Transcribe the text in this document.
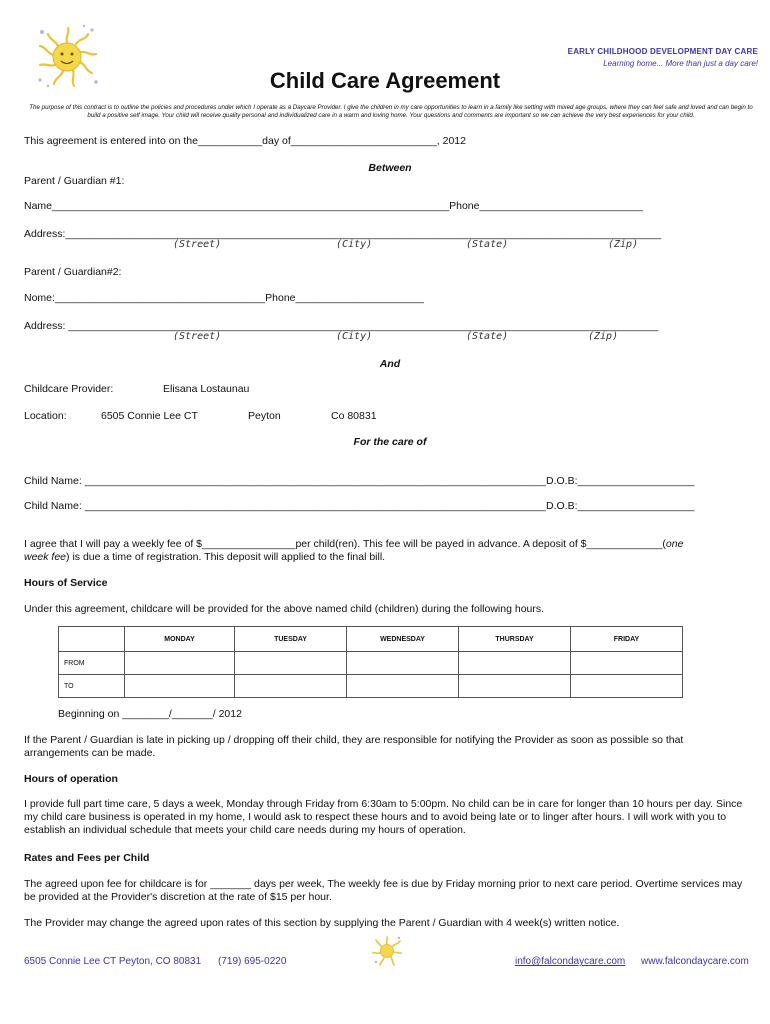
EARLY CHILDHOOD DEVELOPMENT DAY CARE
Learning home... More than just a day care!
Child Care Agreement
The purpose of this contract is to outline the policies and procedures under which I operate as a Daycare Provider. I give the children in my care opportunities to learn in a family like setting with mixed age groups, where they can feel safe and loved and can begin to build a positive self image. Your child will receive quality personal and individualized care in a warm and loving home. Your questions and comments are important so we can achieve the very best experiences for your child.
This agreement is entered into on the___________day of_________________________, 2012
Between
Parent / Guardian #1:
Name____________________________________________________________________Phone____________________________
Address:______________________________________________________________________________________________________
(Street)	(City)	(State)	(Zip)
Parent / Guardian#2:
Nome:____________________________________Phone______________________
Address: _____________________________________________________________________________________________________
(Street)	(City)	(State)	(Zip)
And
Childcare Provider:	Elisana Lostaunau
Location:	6505 Connie Lee CT	Peyton	Co 80831
For the care of
Child Name: _______________________________________________________________________________D.O.B:____________________
Child Name: _______________________________________________________________________________D.O.B:____________________
I agree that I will pay a weekly fee of $________________per child(ren). This fee will be payed in advance. A deposit of $_____________(one
week fee) is due a time of registration. This deposit will applied to the final bill.
Hours of Service
Under this agreement, childcare will be provided for the above named child (children) during the following hours.
	MONDAY	TUESDAY	WEDNESDAY	THURSDAY	FRIDAY
FROM					
TO					
Beginning on ________/_______/ 2012
If the Parent / Guardian is late in picking up / dropping off their child, they are responsible for notifying the Provider as soon as possible so that arrangements can be made.
Hours of operation
I provide full part time care, 5 days a week, Monday through Friday from 6:30am to 5:00pm. No child can be in care for longer than 10 hours per day. Since my child care business is operated in my home, I would ask to respect these hours and to avoid being late or to linger after hours. I will work with you to establish an individual schedule that meets your child care needs during my hours of operation.
Rates and Fees per Child
The agreed upon fee for childcare is for _______ days per week, The weekly fee is due by Friday morning prior to next care period. Overtime services may be provided at the Provider's discretion at the rate of $15 per hour.
The Provider may change the agreed upon rates of this section by supplying the Parent / Guardian with 4 week(s) written notice.
6505 Connie Lee CT Peyton, CO 80831 (719) 695-0220	info@falcondaycare.com www.falcondaycare.com
